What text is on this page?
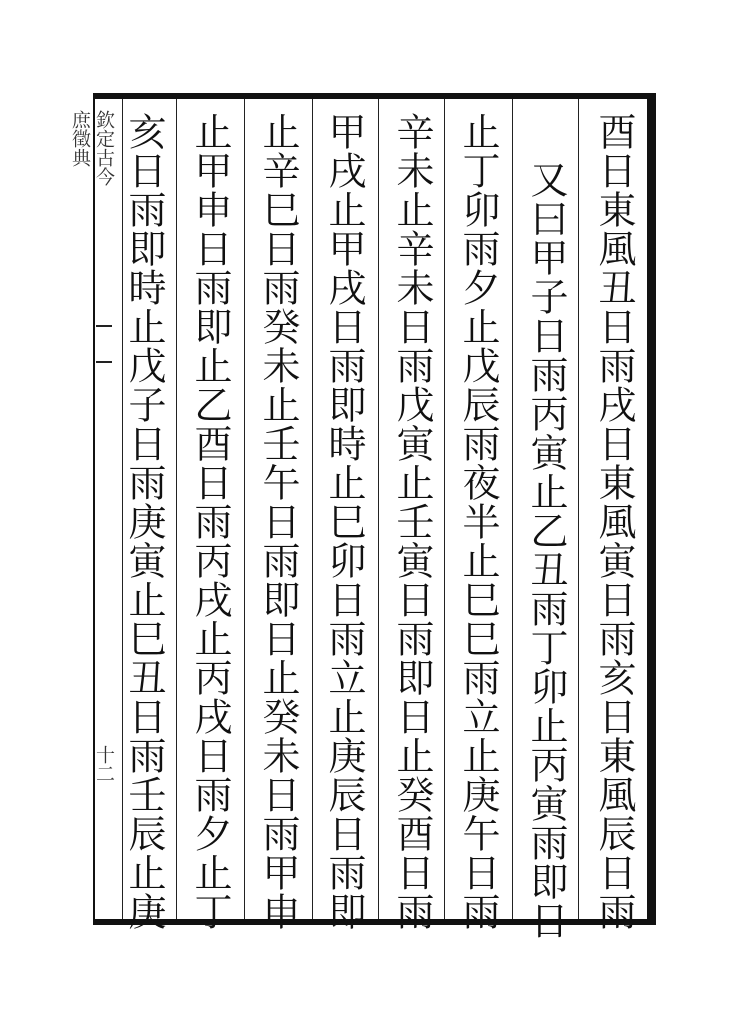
欽定古今
庶徵典
十二	酉日東風丑日雨戌日東風寅日雨亥日東風辰日雨
又曰甲子日雨丙寅止乙丑雨丁卯止丙寅雨即日
止丁卯雨夕止戊辰雨夜半止巳巳雨立止庚午日雨
辛未止辛未日雨戊寅止壬寅日雨即日止癸酉日雨
甲戌止甲戌日雨即時止巳卯日雨立止庚辰日雨即
止辛巳日雨癸未止壬午日雨即日止癸未日雨甲申
止甲申日雨即止乙酉日雨丙戌止丙戌日雨夕止丁
亥日雨即時止戊子日雨庚寅止巳丑日雨壬辰止庚
